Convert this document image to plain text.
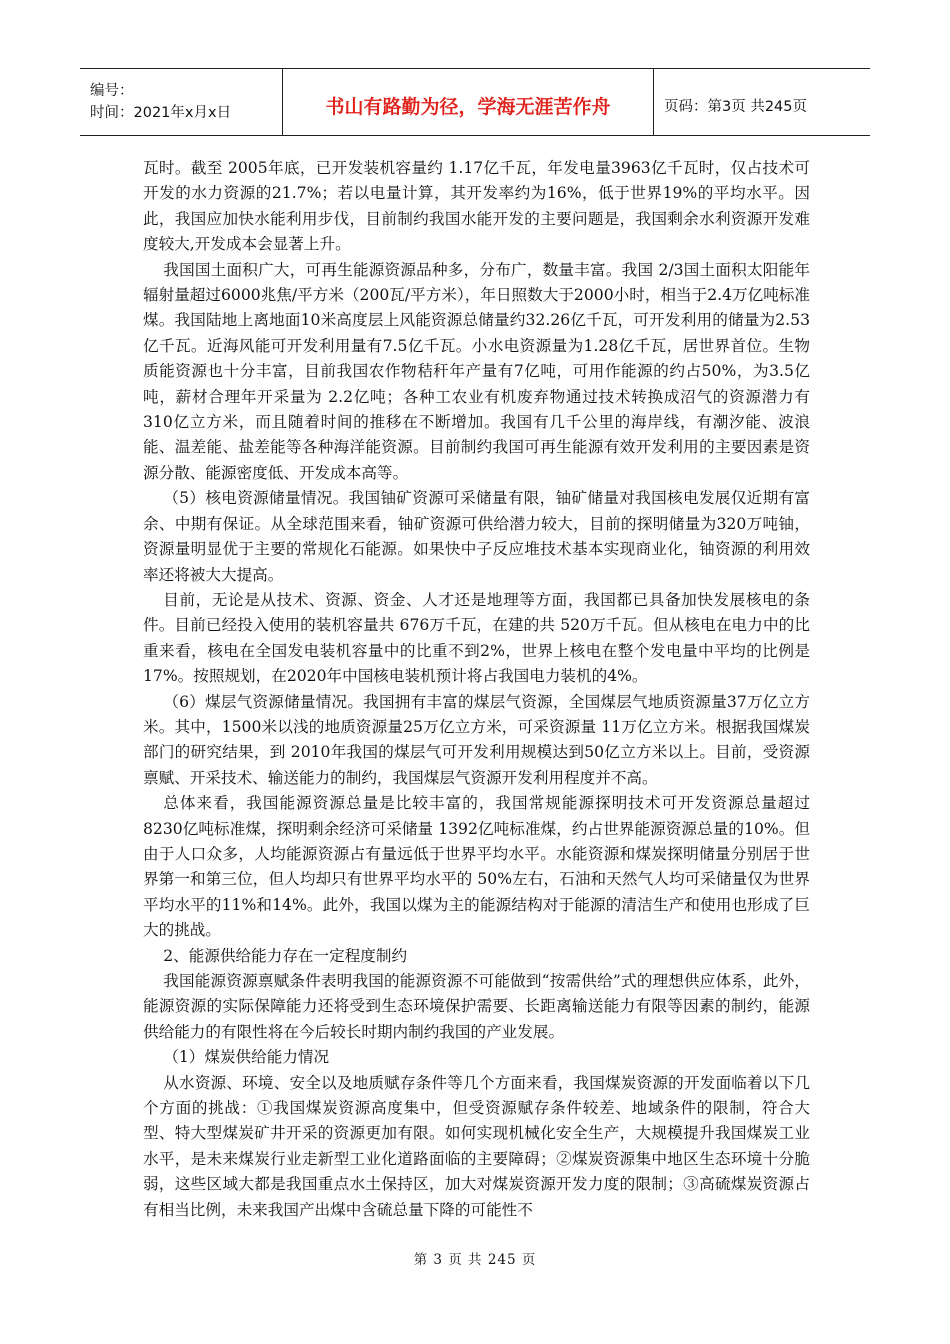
编号：
时间：2021年x月x日	书山有路勤为径，学海无涯苦作舟	页码：第3页 共245页

瓦时。截至 2005年底，已开发装机容量约 1.17亿千瓦，年发电量3963亿千瓦时，仅占技术可开发的水力资源的21.7%；若以电量计算，其开发率约为16%，低于世界19%的平均水平。因此，我国应加快水能利用步伐，目前制约我国水能开发的主要问题是，我国剩余水利资源开发难度较大,开发成本会显著上升。

我国国土面积广大，可再生能源资源品种多，分布广，数量丰富。我国 2/3国土面积太阳能年辐射量超过6000兆焦/平方米（200瓦/平方米），年日照数大于2000小时，相当于2.4万亿吨标准煤。我国陆地上离地面10米高度层上风能资源总储量约32.26亿千瓦，可开发利用的储量为2.53亿千瓦。近海风能可开发利用量有7.5亿千瓦。小水电资源量为1.28亿千瓦，居世界首位。生物质能资源也十分丰富，目前我国农作物秸秆年产量有7亿吨，可用作能源的约占50%，为3.5亿吨，薪材合理年开采量为 2.2亿吨；各种工农业有机废弃物通过技术转换成沼气的资源潜力有 310亿立方米，而且随着时间的推移在不断增加。我国有几千公里的海岸线，有潮汐能、波浪能、温差能、盐差能等各种海洋能资源。目前制约我国可再生能源有效开发利用的主要因素是资源分散、能源密度低、开发成本高等。

（5）核电资源储量情况。我国铀矿资源可采储量有限，铀矿储量对我国核电发展仅近期有富余、中期有保证。从全球范围来看，铀矿资源可供给潜力较大，目前的探明储量为320万吨铀，资源量明显优于主要的常规化石能源。如果快中子反应堆技术基本实现商业化，铀资源的利用效率还将被大大提高。

目前，无论是从技术、资源、资金、人才还是地理等方面，我国都已具备加快发展核电的条件。目前已经投入使用的装机容量共 676万千瓦，在建的共 520万千瓦。但从核电在电力中的比重来看，核电在全国发电装机容量中的比重不到2%，世界上核电在整个发电量中平均的比例是17%。按照规划，在2020年中国核电装机预计将占我国电力装机的4%。

（6）煤层气资源储量情况。我国拥有丰富的煤层气资源，全国煤层气地质资源量37万亿立方米。其中，1500米以浅的地质资源量25万亿立方米，可采资源量 11万亿立方米。根据我国煤炭部门的研究结果，到 2010年我国的煤层气可开发利用规模达到50亿立方米以上。目前，受资源禀赋、开采技术、输送能力的制约，我国煤层气资源开发利用程度并不高。

总体来看，我国能源资源总量是比较丰富的，我国常规能源探明技术可开发资源总量超过8230亿吨标准煤，探明剩余经济可采储量 1392亿吨标准煤，约占世界能源资源总量的10%。但由于人口众多，人均能源资源占有量远低于世界平均水平。水能资源和煤炭探明储量分别居于世界第一和第三位，但人均却只有世界平均水平的 50%左右，石油和天然气人均可采储量仅为世界平均水平的11%和14%。此外，我国以煤为主的能源结构对于能源的清洁生产和使用也形成了巨大的挑战。

2、能源供给能力存在一定程度制约

我国能源资源禀赋条件表明我国的能源资源不可能做到“按需供给”式的理想供应体系，此外，能源资源的实际保障能力还将受到生态环境保护需要、长距离输送能力有限等因素的制约，能源供给能力的有限性将在今后较长时期内制约我国的产业发展。

（1）煤炭供给能力情况

从水资源、环境、安全以及地质赋存条件等几个方面来看，我国煤炭资源的开发面临着以下几个方面的挑战：①我国煤炭资源高度集中，但受资源赋存条件较差、地域条件的限制，符合大型、特大型煤炭矿井开采的资源更加有限。如何实现机械化安全生产，大规模提升我国煤炭工业水平，是未来煤炭行业走新型工业化道路面临的主要障碍；②煤炭资源集中地区生态环境十分脆弱，这些区域大都是我国重点水土保持区，加大对煤炭资源开发力度的限制；③高硫煤炭资源占有相当比例，未来我国产出煤中含硫总量下降的可能性不

第 3 页 共 245 页
